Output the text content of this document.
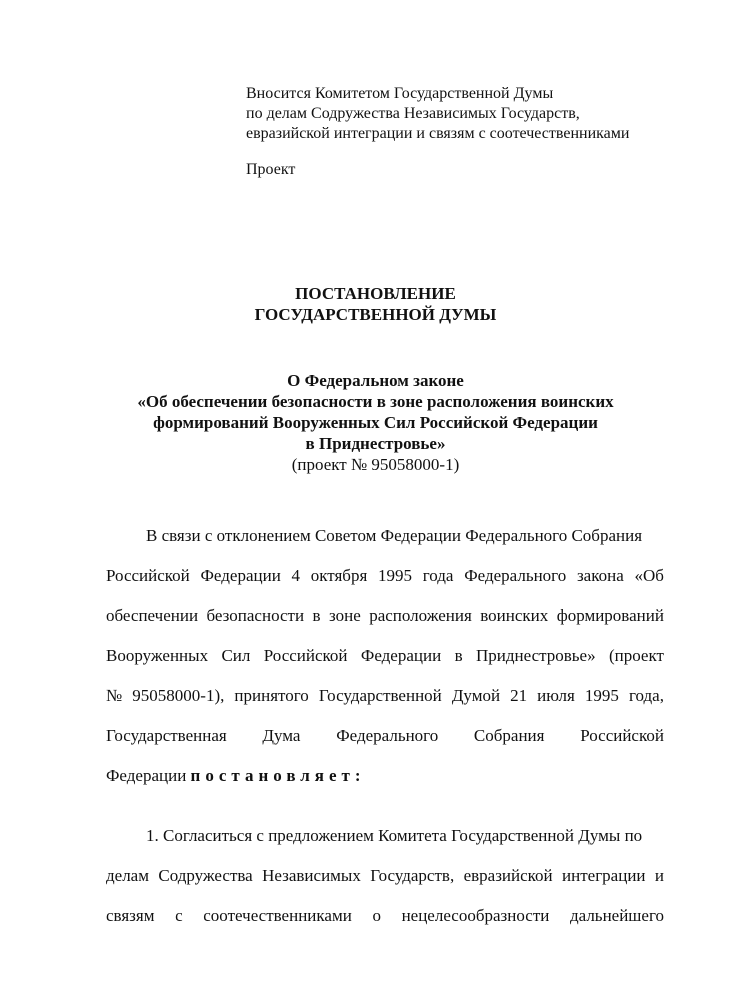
Вносится Комитетом Государственной Думы
по делам Содружества Независимых Государств,
евразийской интеграции и связям с соотечественниками
Проект
ПОСТАНОВЛЕНИЕ
ГОСУДАРСТВЕННОЙ ДУМЫ
О Федеральном законе
«Об обеспечении безопасности в зоне расположения воинских
формирований Вооруженных Сил Российской Федерации
в Приднестровье»
(проект № 95058000-1)
В связи с отклонением Советом Федерации Федерального Собрания
Российской Федерации 4 октября 1995 года Федерального закона «Об
обеспечении безопасности в зоне расположения воинских формирований
Вооруженных Сил Российской Федерации в Приднестровье» (проект
№ 95058000-1), принятого Государственной Думой 21 июля 1995 года,
Государственная Дума Федерального Собрания Российской
Федерации постановляет:
1. Согласиться с предложением Комитета Государственной Думы по
делам Содружества Независимых Государств, евразийской интеграции и
связям с соотечественниками о нецелесообразности дальнейшего
